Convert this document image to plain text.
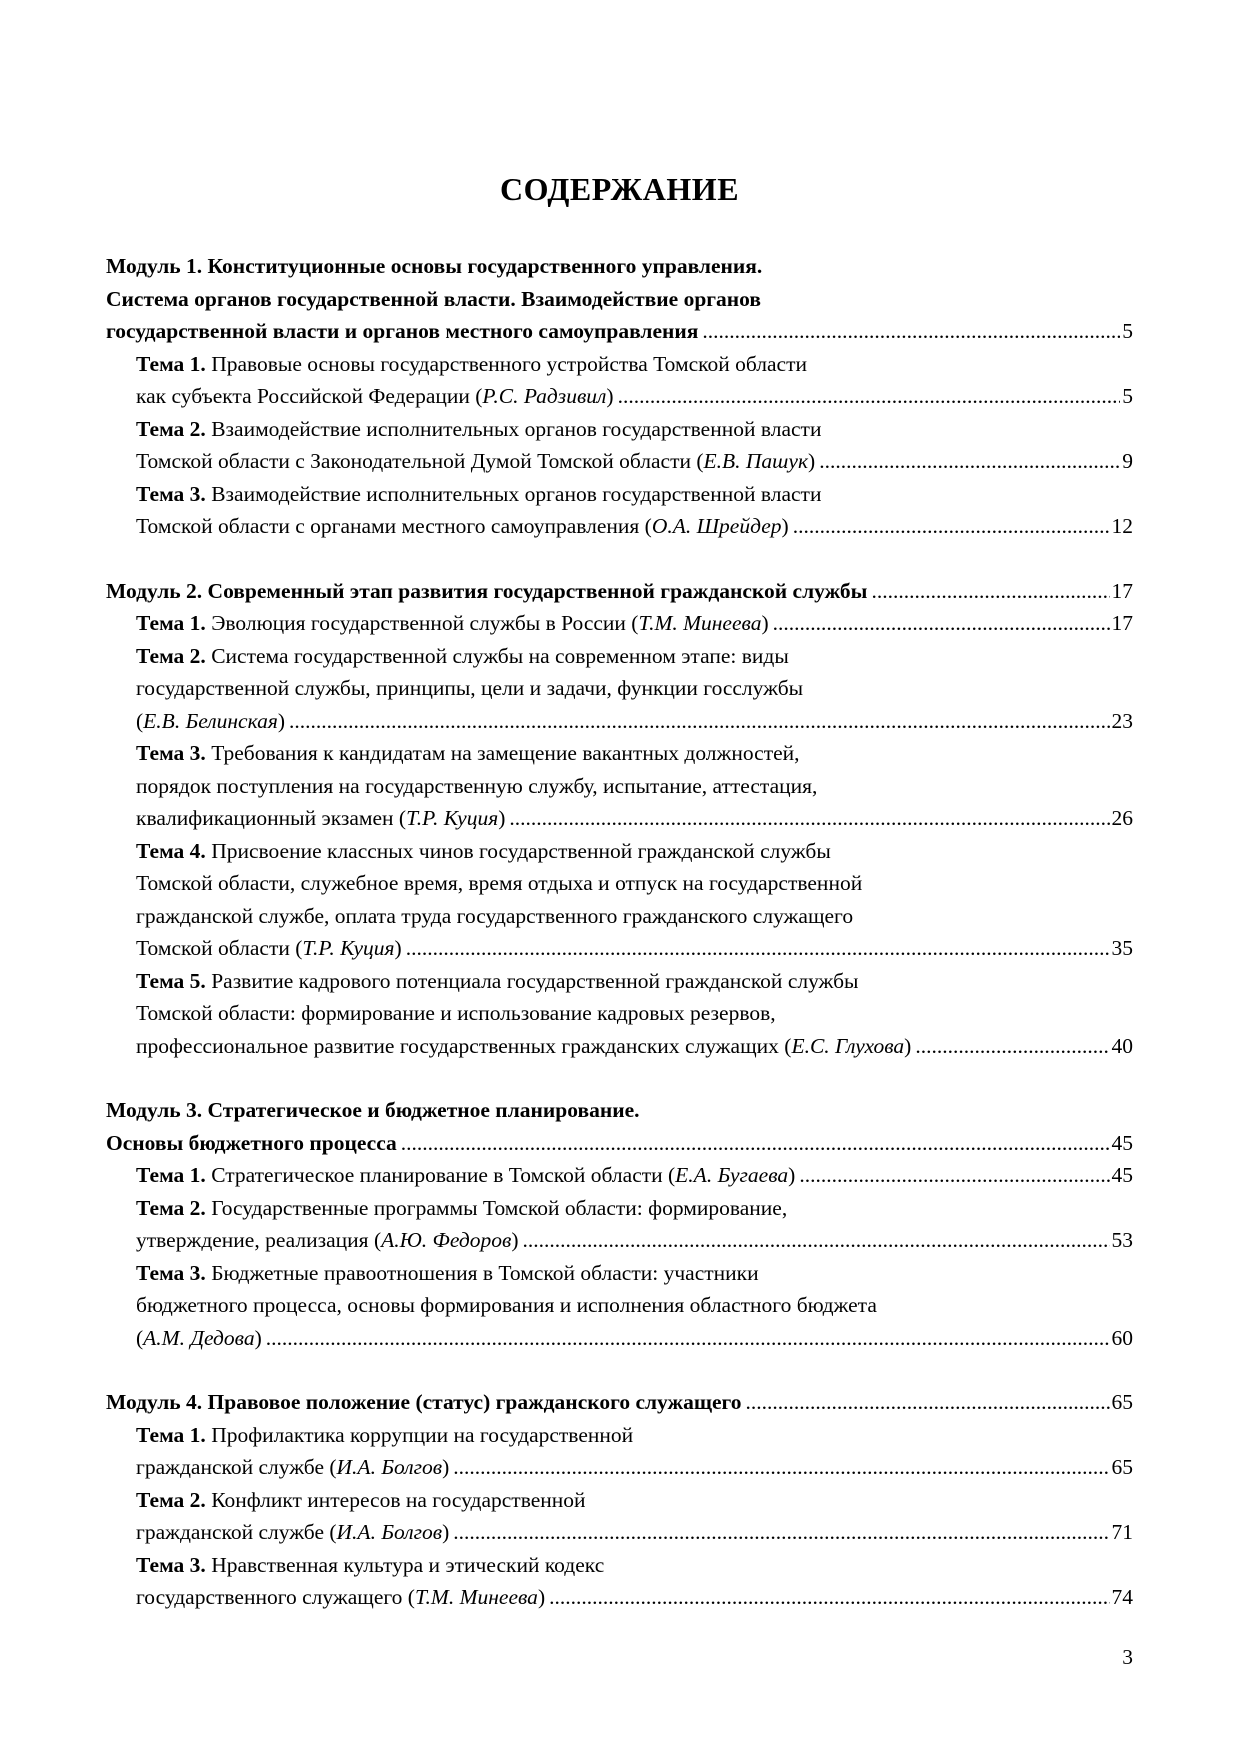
СОДЕРЖАНИЕ
Модуль 1. Конституционные основы государственного управления.
Система органов государственной власти. Взаимодействие органов
государственной власти и органов местного самоуправления .....	5
Тема 1. Правовые основы государственного устройства Томской области
как субъекта Российской Федерации (Р.С. Радзивил) .....	5
Тема 2. Взаимодействие исполнительных органов государственной власти
Томской области с Законодательной Думой Томской области (Е.В. Пашук) .....	9
Тема 3. Взаимодействие исполнительных органов государственной власти
Томской области с органами местного самоуправления (О.А. Шрейдер) .....	12
Модуль 2. Современный этап развития государственной гражданской службы .....	17
Тема 1. Эволюция государственной службы в России (Т.М. Минеева) .....	17
Тема 2. Система государственной службы на современном этапе: виды
государственной службы, принципы, цели и задачи, функции госслужбы
(Е.В. Белинская) .....	23
Тема 3. Требования к кандидатам на замещение вакантных должностей,
порядок поступления на государственную службу, испытание, аттестация,
квалификационный экзамен (Т.Р. Куция) .....	26
Тема 4. Присвоение классных чинов государственной гражданской службы
Томской области, служебное время, время отдыха и отпуск на государственной
гражданской службе, оплата труда государственного гражданского служащего
Томской области (Т.Р. Куция) .....	35
Тема 5. Развитие кадрового потенциала государственной гражданской службы
Томской области: формирование и использование кадровых резервов,
профессиональное развитие государственных гражданских служащих (Е.С. Глухова) .....	40
Модуль 3. Стратегическое и бюджетное планирование.
Основы бюджетного процесса .....	45
Тема 1. Стратегическое планирование в Томской области (Е.А. Бугаева) .....	45
Тема 2. Государственные программы Томской области: формирование,
утверждение, реализация (А.Ю. Федоров) .....	53
Тема 3. Бюджетные правоотношения в Томской области: участники
бюджетного процесса, основы формирования и исполнения областного бюджета
(А.М. Дедова) .....	60
Модуль 4. Правовое положение (статус) гражданского служащего .....	65
Тема 1. Профилактика коррупции на государственной
гражданской службе (И.А. Болгов) .....	65
Тема 2. Конфликт интересов на государственной
гражданской службе (И.А. Болгов) .....	71
Тема 3. Нравственная культура и этический кодекс
государственного служащего (Т.М. Минеева) .....	74
3
